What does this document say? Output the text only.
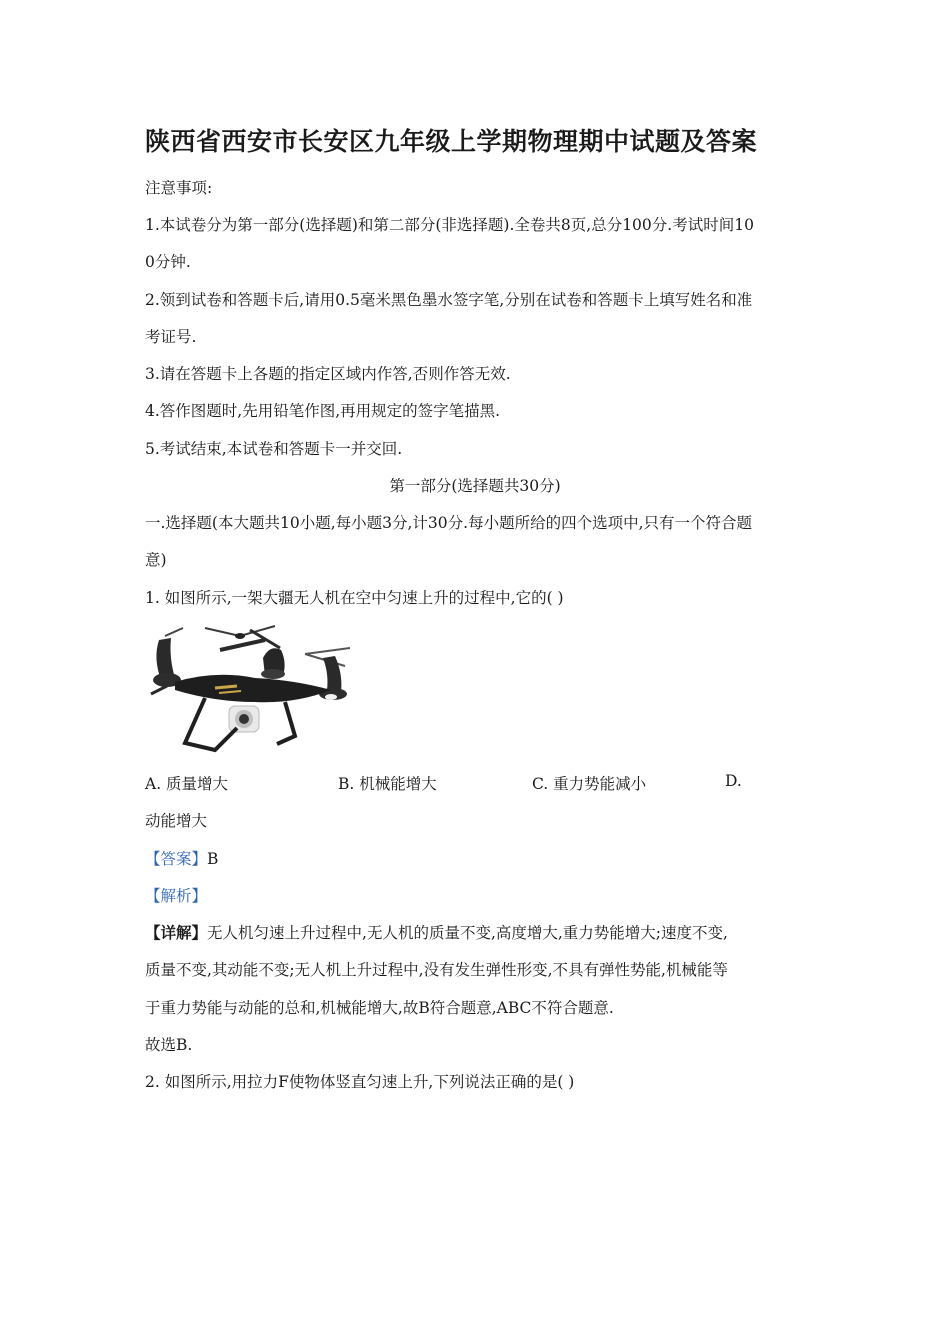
陕西省西安市长安区九年级上学期物理期中试题及答案
注意事项:
1.本试卷分为第一部分(选择题)和第二部分(非选择题).全卷共8页,总分100分.考试时间10
0分钟.
2.领到试卷和答题卡后,请用0.5毫米黑色墨水签字笔,分别在试卷和答题卡上填写姓名和准
考证号.
3.请在答题卡上各题的指定区域内作答,否则作答无效.
4.答作图题时,先用铅笔作图,再用规定的签字笔描黑.
5.考试结束,本试卷和答题卡一并交回.
第一部分(选择题共30分)
一.选择题(本大题共10小题,每小题3分,计30分.每小题所给的四个选项中,只有一个符合题
意)
1. 如图所示,一架大疆无人机在空中匀速上升的过程中,它的( )
A. 质量增大	B. 机械能增大	C. 重力势能减小	D.
动能增大
【答案】B
【解析】
【详解】无人机匀速上升过程中,无人机的质量不变,高度增大,重力势能增大;速度不变,
质量不变,其动能不变;无人机上升过程中,没有发生弹性形变,不具有弹性势能,机械能等
于重力势能与动能的总和,机械能增大,故B符合题意,ABC不符合题意.
故选B.
2. 如图所示,用拉力F使物体竖直匀速上升,下列说法正确的是( )
